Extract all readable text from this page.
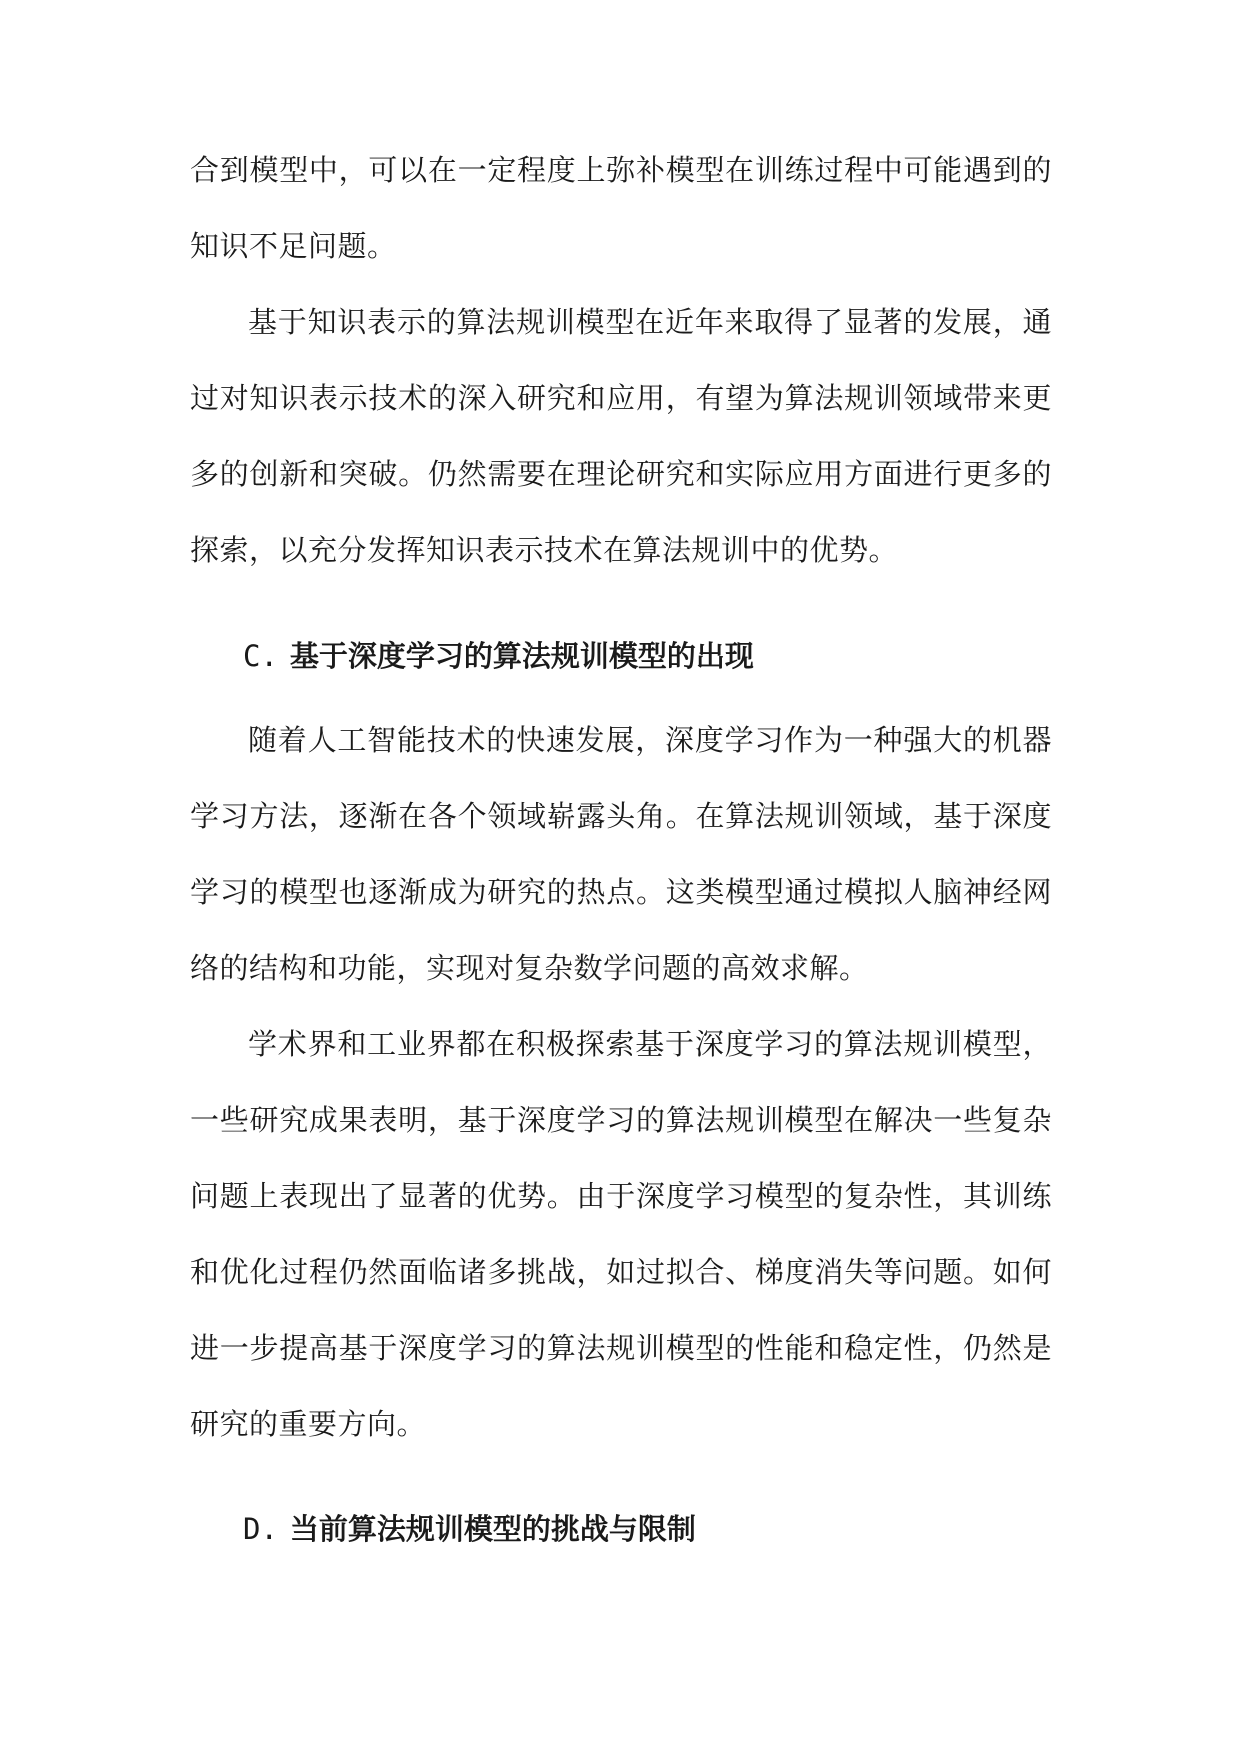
合到模型中，可以在一定程度上弥补模型在训练过程中可能遇到的知识不足问题。

基于知识表示的算法规训模型在近年来取得了显著的发展，通过对知识表示技术的深入研究和应用，有望为算法规训领域带来更多的创新和突破。仍然需要在理论研究和实际应用方面进行更多的探索，以充分发挥知识表示技术在算法规训中的优势。

C. 基于深度学习的算法规训模型的出现

随着人工智能技术的快速发展，深度学习作为一种强大的机器学习方法，逐渐在各个领域崭露头角。在算法规训领域，基于深度学习的模型也逐渐成为研究的热点。这类模型通过模拟人脑神经网络的结构和功能，实现对复杂数学问题的高效求解。

学术界和工业界都在积极探索基于深度学习的算法规训模型，一些研究成果表明，基于深度学习的算法规训模型在解决一些复杂问题上表现出了显著的优势。由于深度学习模型的复杂性，其训练和优化过程仍然面临诸多挑战，如过拟合、梯度消失等问题。如何进一步提高基于深度学习的算法规训模型的性能和稳定性，仍然是研究的重要方向。

D. 当前算法规训模型的挑战与限制
